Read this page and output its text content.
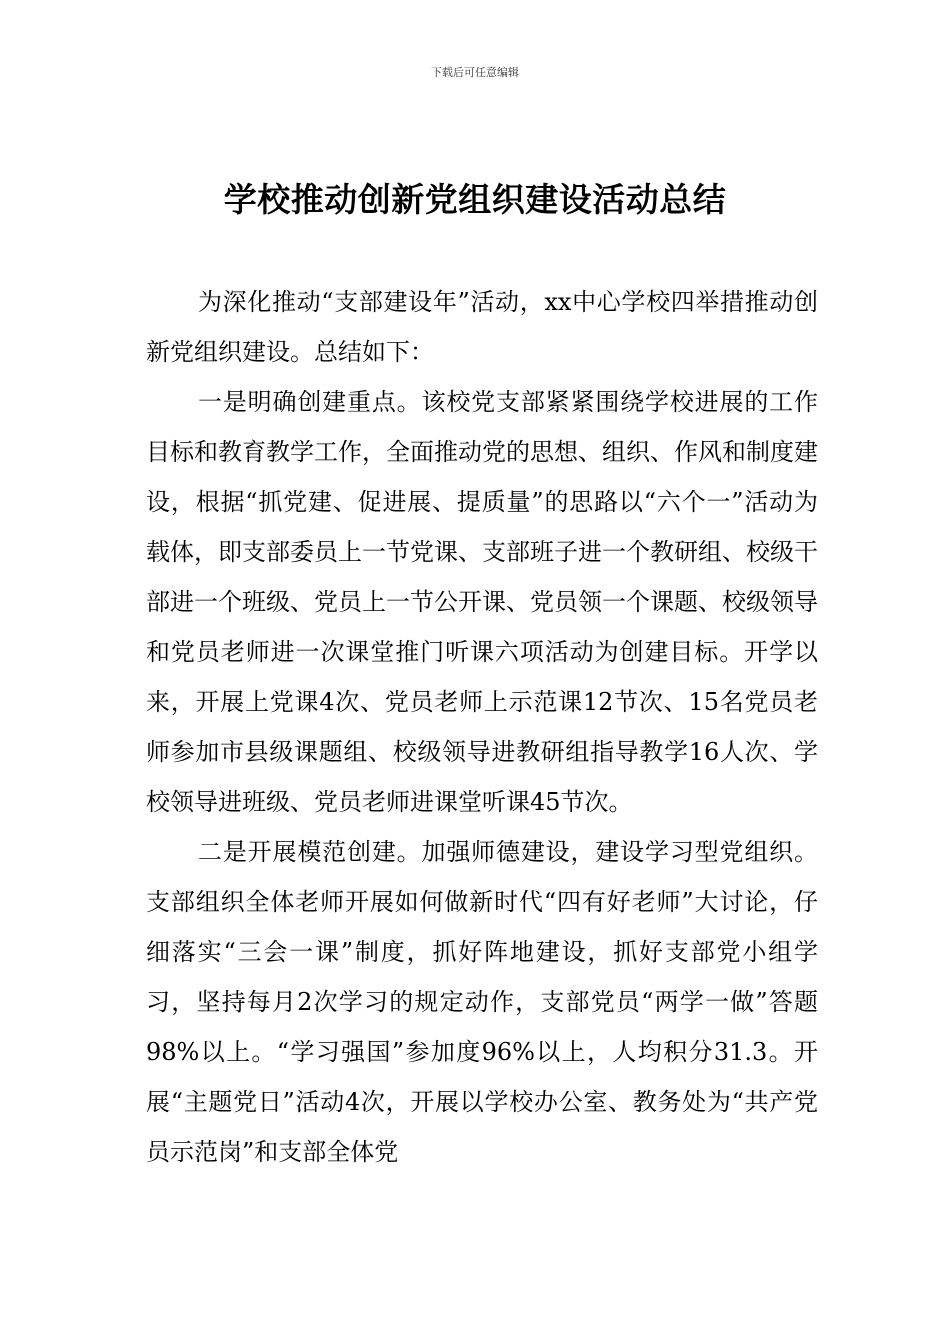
下载后可任意编辑
学校推动创新党组织建设活动总结

为深化推动“支部建设年”活动，xx中心学校四举措推动创新党组织建设。总结如下：

一是明确创建重点。该校党支部紧紧围绕学校进展的工作目标和教育教学工作，全面推动党的思想、组织、作风和制度建设，根据“抓党建、促进展、提质量”的思路以“六个一”活动为载体，即支部委员上一节党课、支部班子进一个教研组、校级干部进一个班级、党员上一节公开课、党员领一个课题、校级领导和党员老师进一次课堂推门听课六项活动为创建目标。开学以来，开展上党课4次、党员老师上示范课12节次、15名党员老师参加市县级课题组、校级领导进教研组指导教学16人次、学校领导进班级、党员老师进课堂听课45节次。

二是开展模范创建。加强师德建设，建设学习型党组织。支部组织全体老师开展如何做新时代“四有好老师”大讨论，仔细落实“三会一课”制度，抓好阵地建设，抓好支部党小组学习，坚持每月2次学习的规定动作，支部党员“两学一做”答题98%以上。“学习强国”参加度96%以上，人均积分31.3。开展“主题党日”活动4次，开展以学校办公室、教务处为“共产党员示范岗”和支部全体党
